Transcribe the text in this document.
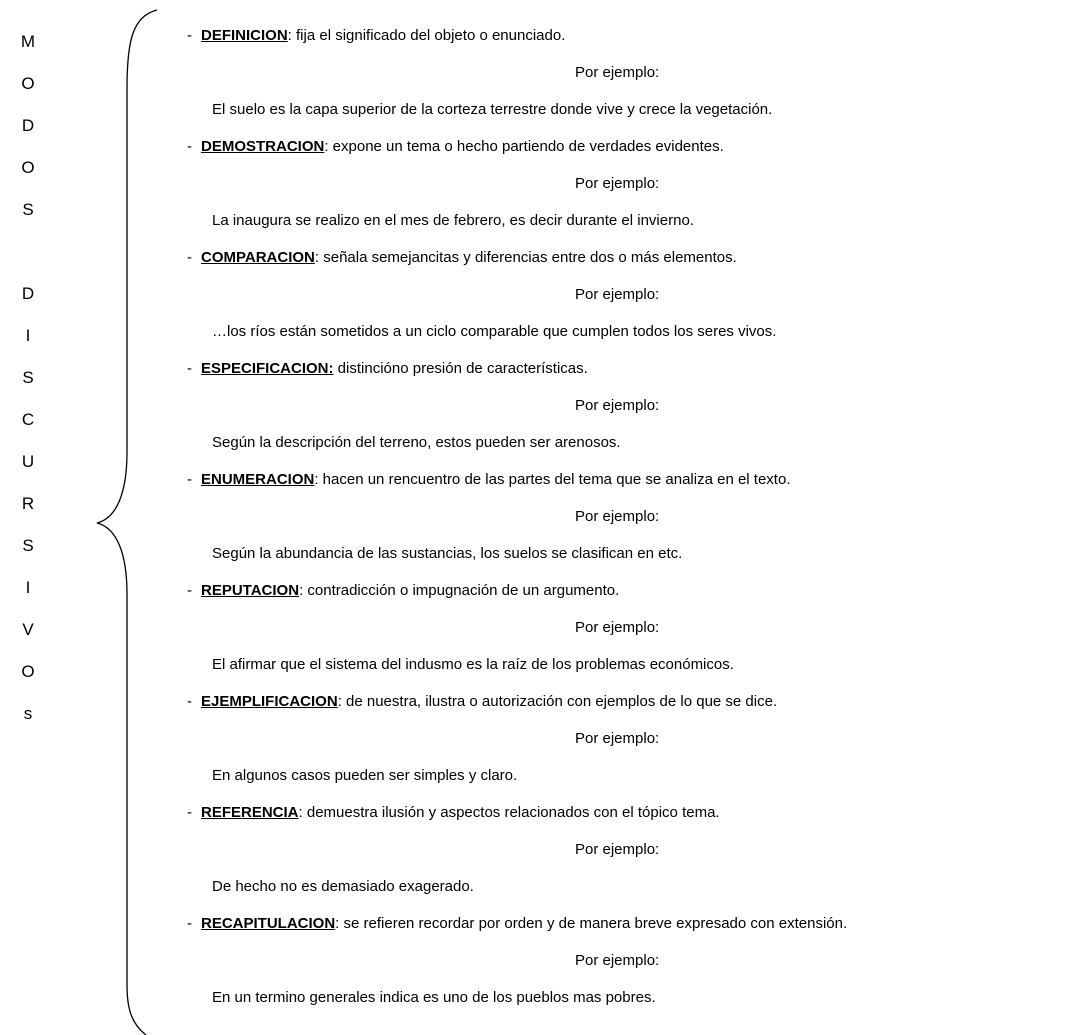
M
O
D
O
S
D
I
S
C
U
R
S
I
V
O
s
- DEFINICION: fija el significado del objeto o enunciado.
Por ejemplo:
El suelo es la capa superior de la corteza terrestre donde vive y crece la vegetación.
- DEMOSTRACION: expone un tema o hecho partiendo de verdades evidentes.
Por ejemplo:
La inaugura se realizo en el mes de febrero, es decir durante el invierno.
- COMPARACION: señala semejancitas y diferencias entre dos o más elementos.
Por ejemplo:
…los ríos están sometidos a un ciclo comparable que cumplen todos los seres vivos.
- ESPECIFICACION: distincióno presión de características.
Por ejemplo:
Según la descripción del terreno, estos pueden ser arenosos.
- ENUMERACION: hacen un rencuentro de las partes del tema que se analiza en el texto.
Por ejemplo:
Según la abundancia de las sustancias, los suelos se clasifican en etc.
- REPUTACION: contradicción o impugnación de un argumento.
Por ejemplo:
El afirmar que el sistema del indusmo es la raíz de los problemas económicos.
- EJEMPLIFICACION: de nuestra, ilustra o autorización con ejemplos de lo que se dice.
Por ejemplo:
En algunos casos pueden ser simples y claro.
- REFERENCIA: demuestra ilusión y aspectos relacionados con el tópico tema.
Por ejemplo:
De hecho no es demasiado exagerado.
- RECAPITULACION: se refieren recordar por orden y de manera breve expresado con extensión.
Por ejemplo:
En un termino generales indica es uno de los pueblos mas pobres.
